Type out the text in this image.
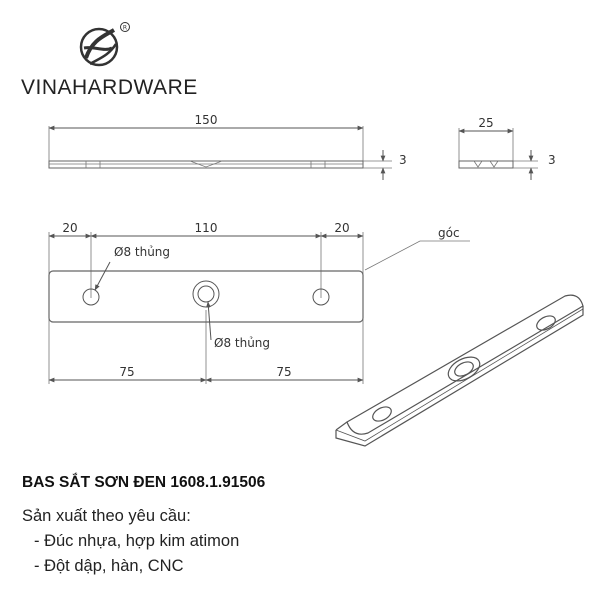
R
150
3
25
3
20	110	20
Ø8 thủng
Ø8 thủng
góc
75	75
VINAHARDWARE
BAS SẮT SƠN ĐEN 1608.1.91506
Sản xuất theo yêu cầu:
- Đúc nhựa, hợp kim atimon
- Đột dập, hàn, CNC
